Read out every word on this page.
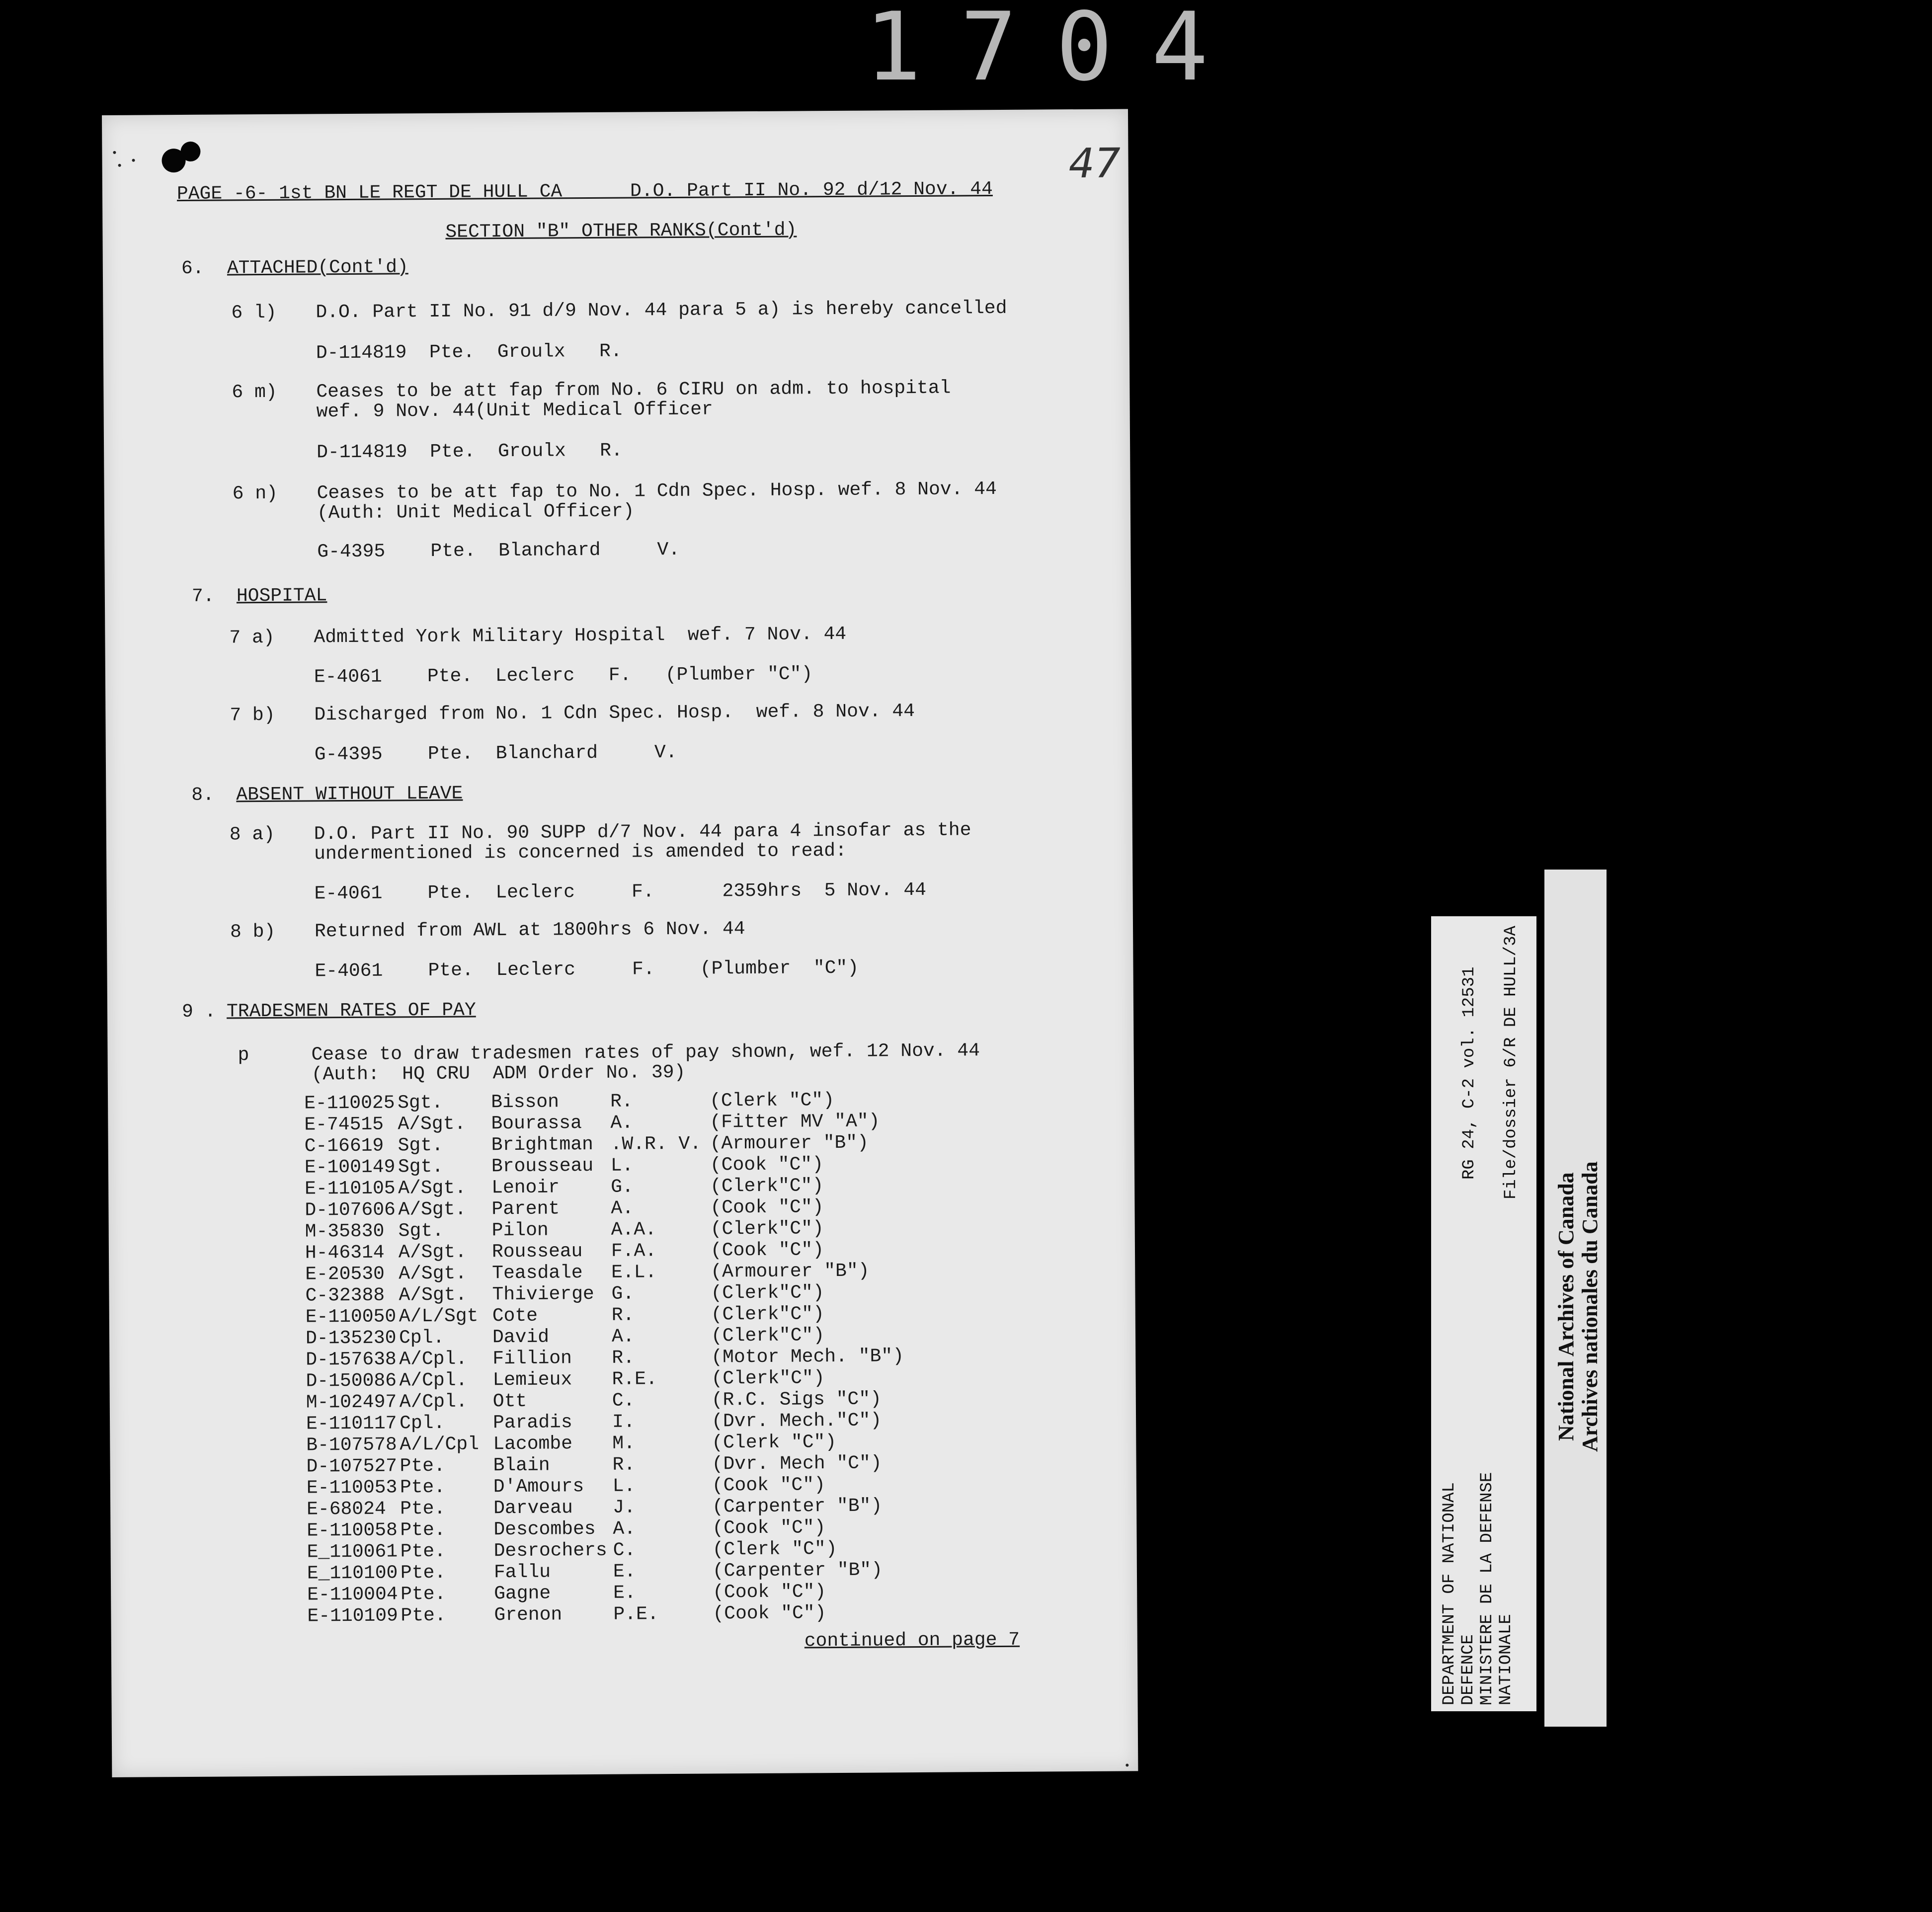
1704
47
PAGE -6- 1st BN LE REGT DE HULL CA      D.O. Part II No. 92 d/12 Nov. 44
SECTION "B" OTHER RANKS(Cont'd)
6. ATTACHED(Cont'd)
6 l) D.O. Part II No. 91 d/9 Nov. 44 para 5 a) is hereby cancelled
D-114819  Pte.  Groulx   R.
6 m) Ceases to be att fap from No. 6 CIRU on adm. to hospital
wef. 9 Nov. 44(Unit Medical Officer
D-114819  Pte.  Groulx   R.
6 n) Ceases to be att fap to No. 1 Cdn Spec. Hosp. wef. 8 Nov. 44
(Auth: Unit Medical Officer)
G-4395    Pte.  Blanchard     V.
7. HOSPITAL
7 a) Admitted York Military Hospital  wef. 7 Nov. 44
E-4061    Pte.  Leclerc   F.   (Plumber "C")
7 b) Discharged from No. 1 Cdn Spec. Hosp.  wef. 8 Nov. 44
G-4395    Pte.  Blanchard     V.
8. ABSENT WITHOUT LEAVE
8 a) D.O. Part II No. 90 SUPP d/7 Nov. 44 para 4 insofar as the
undermentioned is concerned is amended to read:
E-4061    Pte.  Leclerc     F.      2359hrs  5 Nov. 44
8 b) Returned from AWL at 1800hrs 6 Nov. 44
E-4061    Pte.  Leclerc     F.    (Plumber  "C")
9 . TRADESMEN RATES OF PAY
p	Cease to draw tradesmen rates of pay shown, wef. 12 Nov. 44
(Auth:  HQ CRU  ADM Order No. 39)
E-110025	Sgt.	Bisson	R.	(Clerk "C")
E-74515	A/Sgt.	Bourassa	A.	(Fitter MV "A")
C-16619	Sgt.	Brightman	.W.R. V.	(Armourer "B")
E-100149	Sgt.	Brousseau	L.	(Cook "C")
E-110105	A/Sgt.	Lenoir	G.	(Clerk"C")
D-107606	A/Sgt.	Parent	A.	(Cook "C")
M-35830	Sgt.	Pilon	A.A.	(Clerk"C")
H-46314	A/Sgt.	Rousseau	F.A.	(Cook "C")
E-20530	A/Sgt.	Teasdale	E.L.	(Armourer "B")
C-32388	A/Sgt.	Thivierge	G.	(Clerk"C")
E-110050	A/L/Sgt	Cote	R.	(Clerk"C")
D-135230	Cpl.	David	A.	(Clerk"C")
D-157638	A/Cpl.	Fillion	R.	(Motor Mech. "B")
D-150086	A/Cpl.	Lemieux	R.E.	(Clerk"C")
M-102497	A/Cpl.	Ott	C.	(R.C. Sigs "C")
E-110117	Cpl.	Paradis	I.	(Dvr. Mech."C")
B-107578	A/L/Cpl	Lacombe	M.	(Clerk "C")
D-107527	Pte.	Blain	R.	(Dvr. Mech "C")
E-110053	Pte.	D'Amours	L.	(Cook "C")
E-68024	Pte.	Darveau	J.	(Carpenter "B")
E-110058	Pte.	Descombes	A.	(Cook "C")
E_110061	Pte.	Desrochers	C.	(Clerk "C")
E_110100	Pte.	Fallu	E.	(Carpenter "B")
E-110004	Pte.	Gagne	E.	(Cook "C")
E-110109	Pte.	Grenon	P.E.	(Cook "C")
continued on page 7	DEPARTMENT OF NATIONAL DEFENCE MINISTERE DE LA DEFENSE NATIONALE
RG 24, C-2 vol. 12531 File/dossier 6/R DE HULL/3A
National Archives of Canada Archives nationales du Canada
